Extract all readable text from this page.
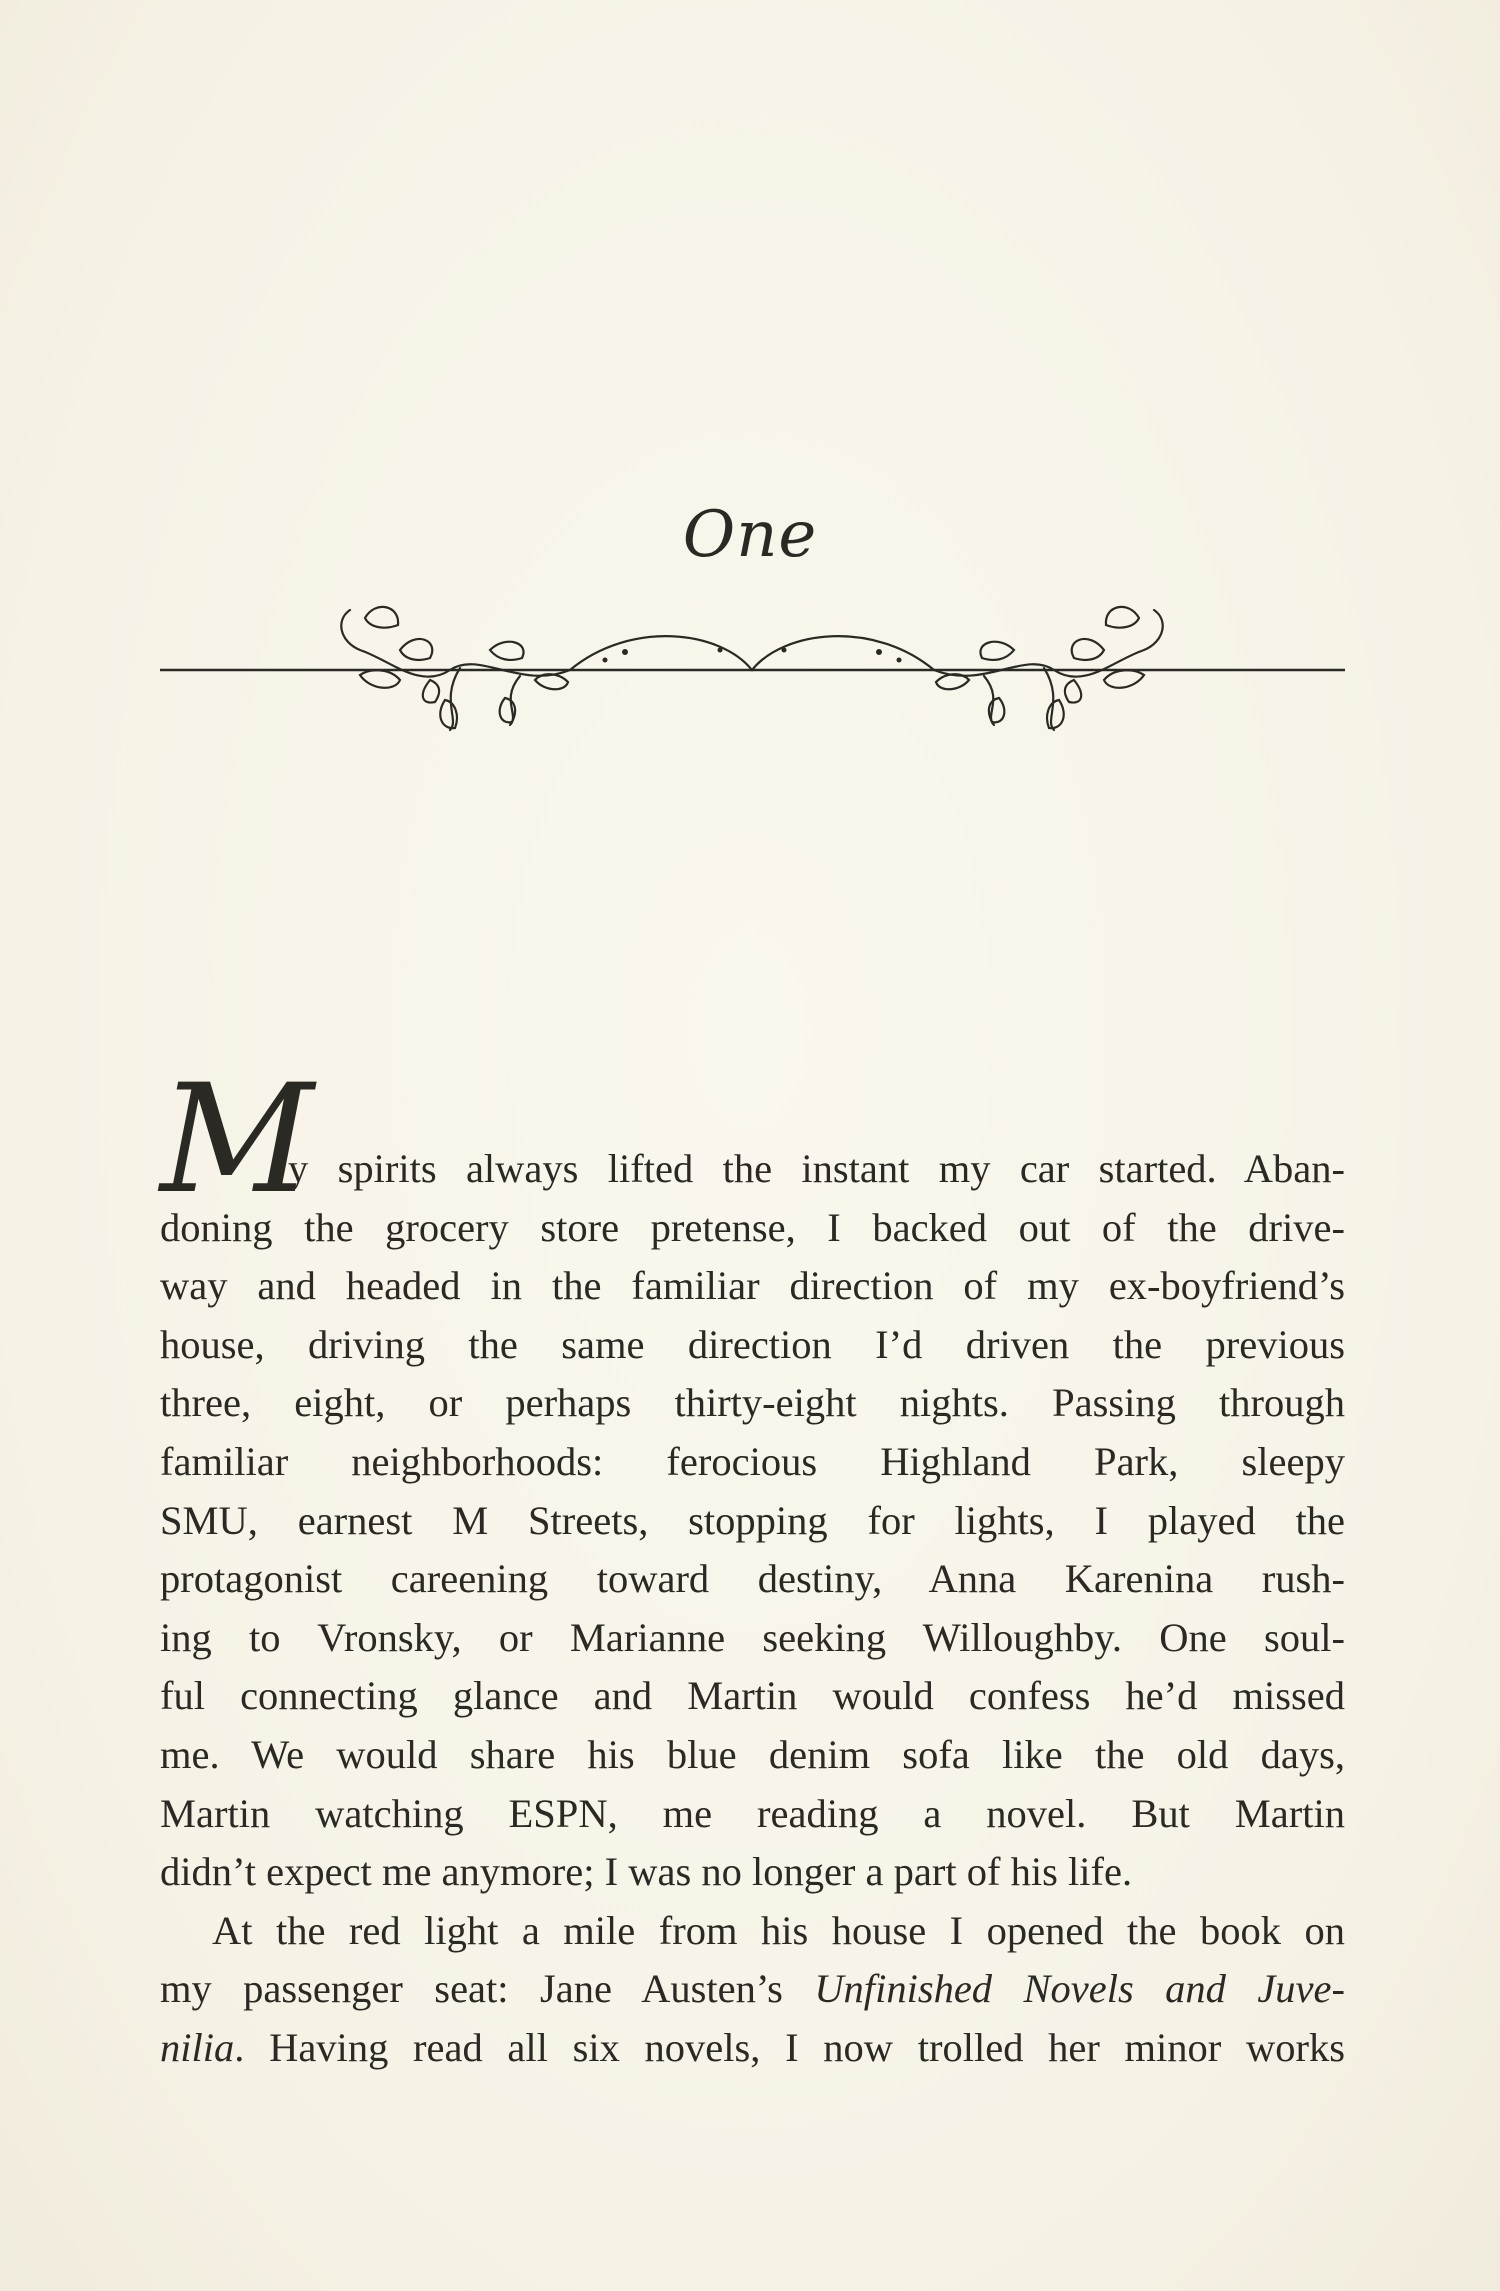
One
M

y spirits always lifted the instant my car started. Aban-
doning the grocery store pretense, I backed out of the drive-
way and headed in the familiar direction of my ex-boyfriend’s
house, driving the same direction I’d driven the previous
three, eight, or perhaps thirty-eight nights. Passing through
familiar neighborhoods: ferocious Highland Park, sleepy
SMU, earnest M Streets, stopping for lights, I played the
protagonist careening toward destiny, Anna Karenina rush-
ing to Vronsky, or Marianne seeking Willoughby. One soul-
ful connecting glance and Martin would confess he’d missed
me. We would share his blue denim sofa like the old days,
Martin watching ESPN, me reading a novel. But Martin
didn’t expect me anymore; I was no longer a part of his life.

At the red light a mile from his house I opened the book on
my passenger seat: Jane Austen’s Unfinished Novels and Juve-
nilia. Having read all six novels, I now trolled her minor works
